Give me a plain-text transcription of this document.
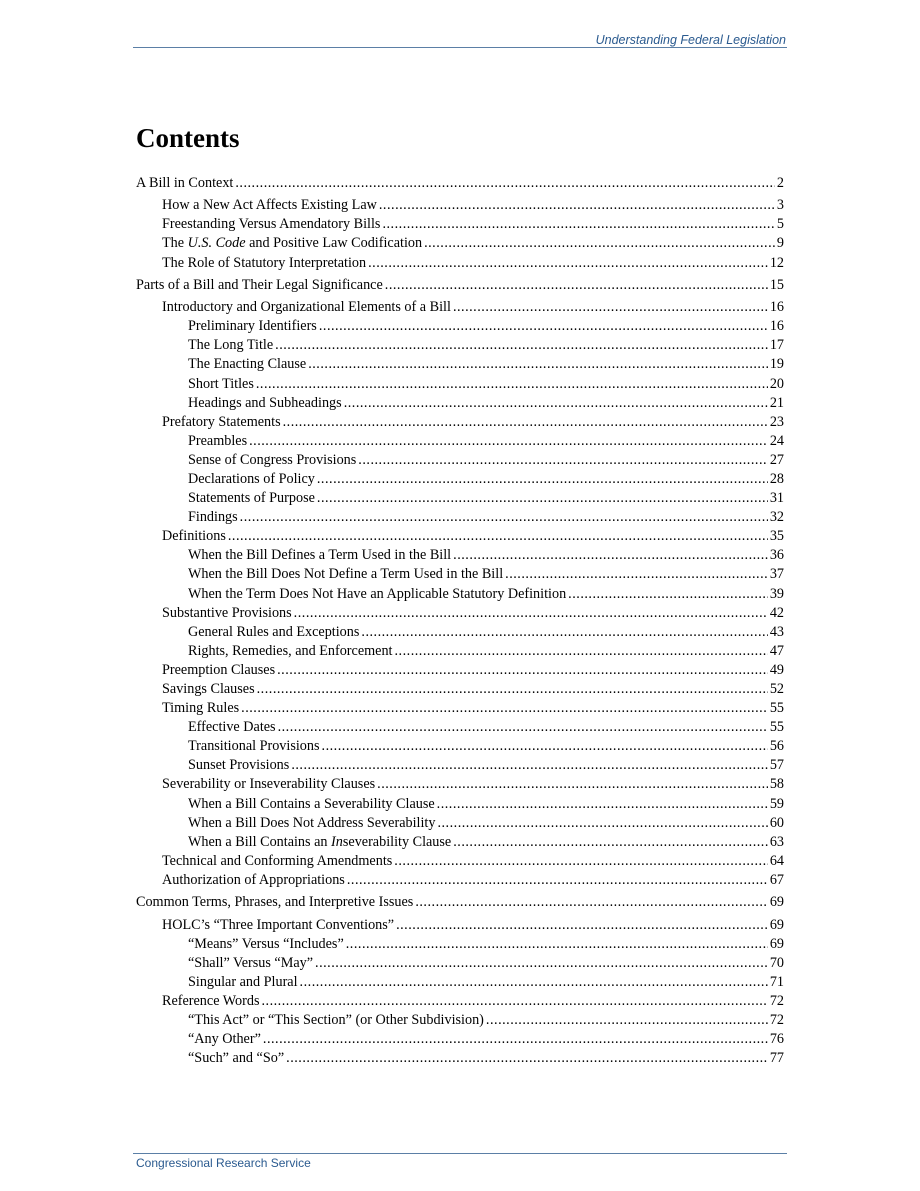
Understanding Federal Legislation
Contents
A Bill in Context .....	2
How a New Act Affects Existing Law .....	3
Freestanding Versus Amendatory Bills .....	5
The U.S. Code and Positive Law Codification .....	9
The Role of Statutory Interpretation .....	12
Parts of a Bill and Their Legal Significance .....	15
Introductory and Organizational Elements of a Bill .....	16
Preliminary Identifiers .....	16
The Long Title .....	17
The Enacting Clause .....	19
Short Titles .....	20
Headings and Subheadings .....	21
Prefatory Statements .....	23
Preambles .....	24
Sense of Congress Provisions .....	27
Declarations of Policy .....	28
Statements of Purpose .....	31
Findings .....	32
Definitions .....	35
When the Bill Defines a Term Used in the Bill .....	36
When the Bill Does Not Define a Term Used in the Bill .....	37
When the Term Does Not Have an Applicable Statutory Definition .....	39
Substantive Provisions .....	42
General Rules and Exceptions .....	43
Rights, Remedies, and Enforcement .....	47
Preemption Clauses .....	49
Savings Clauses .....	52
Timing Rules .....	55
Effective Dates .....	55
Transitional Provisions .....	56
Sunset Provisions .....	57
Severability or Inseverability Clauses .....	58
When a Bill Contains a Severability Clause .....	59
When a Bill Does Not Address Severability .....	60
When a Bill Contains an Inseverability Clause .....	63
Technical and Conforming Amendments .....	64
Authorization of Appropriations .....	67
Common Terms, Phrases, and Interpretive Issues .....	69
HOLC’s “Three Important Conventions” .....	69
“Means” Versus “Includes” .....	69
“Shall” Versus “May” .....	70
Singular and Plural .....	71
Reference Words .....	72
“This Act” or “This Section” (or Other Subdivision) .....	72
“Any Other” .....	76
“Such” and “So” .....	77
Congressional Research Service
